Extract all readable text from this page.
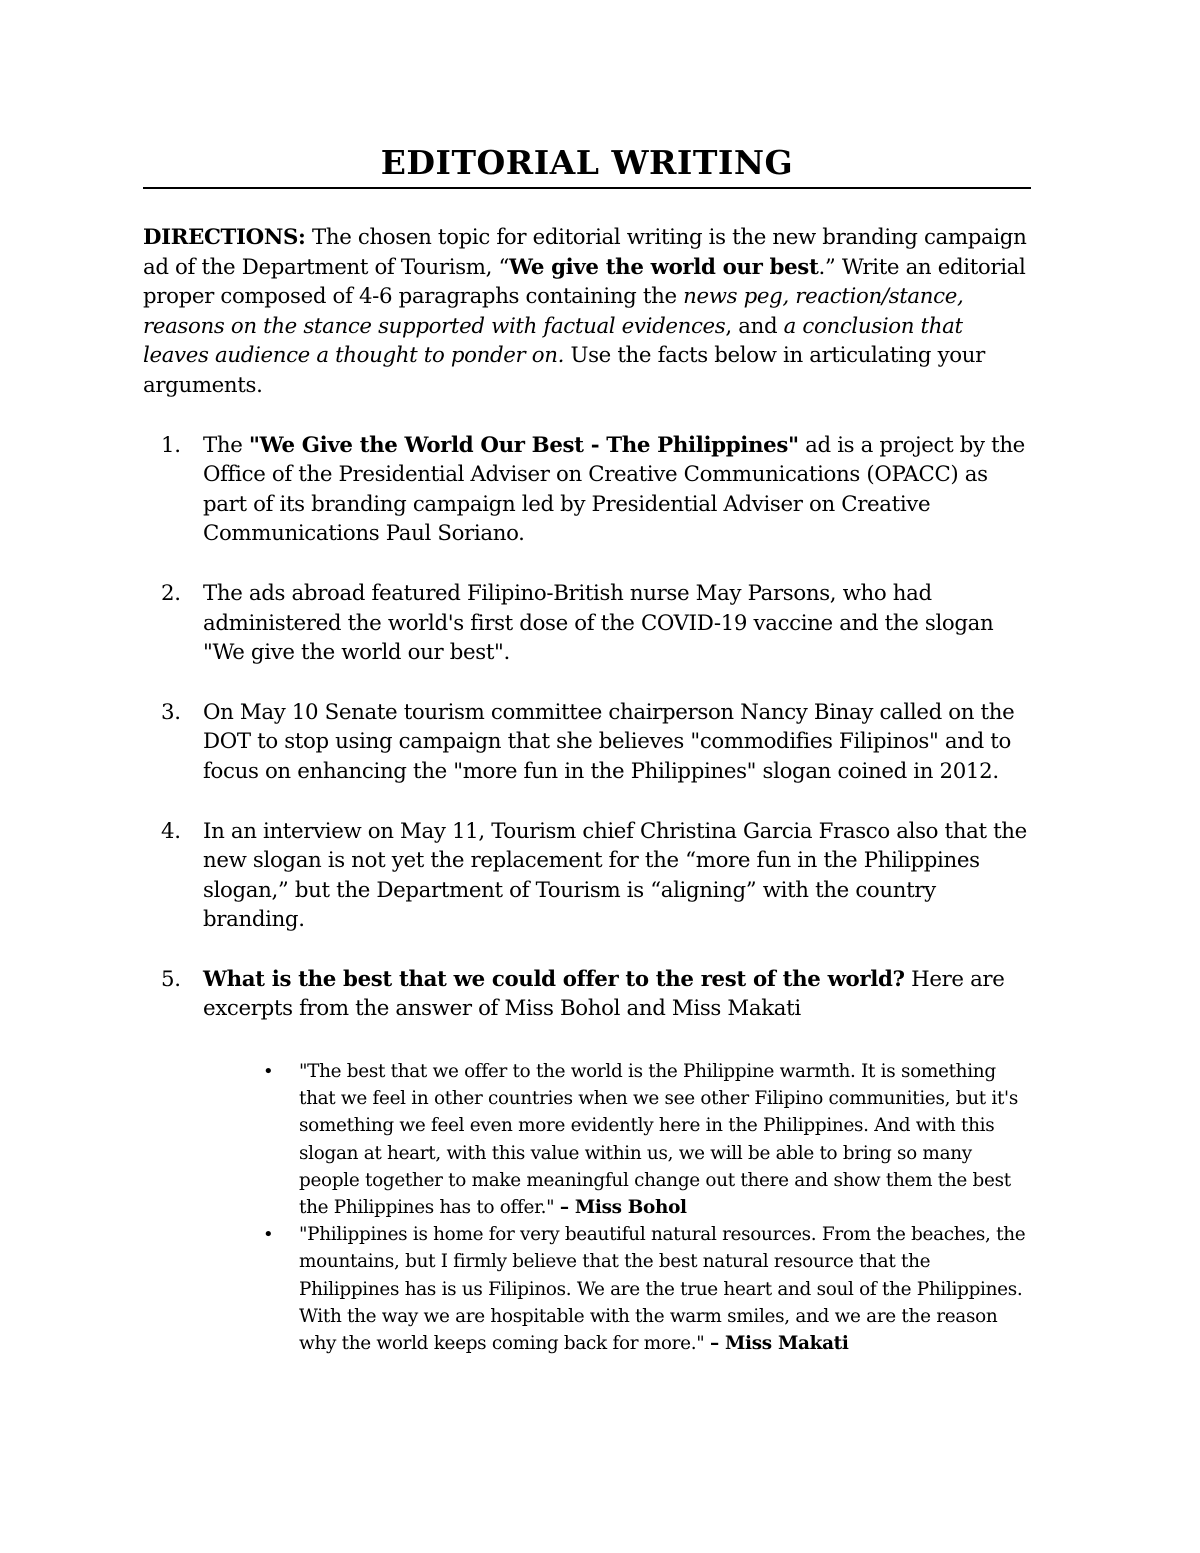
EDITORIAL WRITING

DIRECTIONS: The chosen topic for editorial writing is the new branding campaign ad of the Department of Tourism, “We give the world our best.” Write an editorial proper composed of 4-6 paragraphs containing the news peg, reaction/stance, reasons on the stance supported with factual evidences, and a conclusion that leaves audience a thought to ponder on. Use the facts below in articulating your arguments.

1. The "We Give the World Our Best - The Philippines" ad is a project by the Office of the Presidential Adviser on Creative Communications (OPACC) as part of its branding campaign led by Presidential Adviser on Creative Communications Paul Soriano.
2. The ads abroad featured Filipino-British nurse May Parsons, who had administered the world's first dose of the COVID-19 vaccine and the slogan "We give the world our best".
3. On May 10 Senate tourism committee chairperson Nancy Binay called on the DOT to stop using campaign that she believes "commodifies Filipinos" and to focus on enhancing the "more fun in the Philippines" slogan coined in 2012.
4. In an interview on May 11, Tourism chief Christina Garcia Frasco also that the new slogan is not yet the replacement for the “more fun in the Philippines slogan,” but the Department of Tourism is “aligning” with the country branding.
5. What is the best that we could offer to the rest of the world? Here are excerpts from the answer of Miss Bohol and Miss Makati
• "The best that we offer to the world is the Philippine warmth. It is something that we feel in other countries when we see other Filipino communities, but it's something we feel even more evidently here in the Philippines. And with this slogan at heart, with this value within us, we will be able to bring so many people together to make meaningful change out there and show them the best the Philippines has to offer." – Miss Bohol
• "Philippines is home for very beautiful natural resources. From the beaches, the mountains, but I firmly believe that the best natural resource that the Philippines has is us Filipinos. We are the true heart and soul of the Philippines. With the way we are hospitable with the warm smiles, and we are the reason why the world keeps coming back for more." – Miss Makati
